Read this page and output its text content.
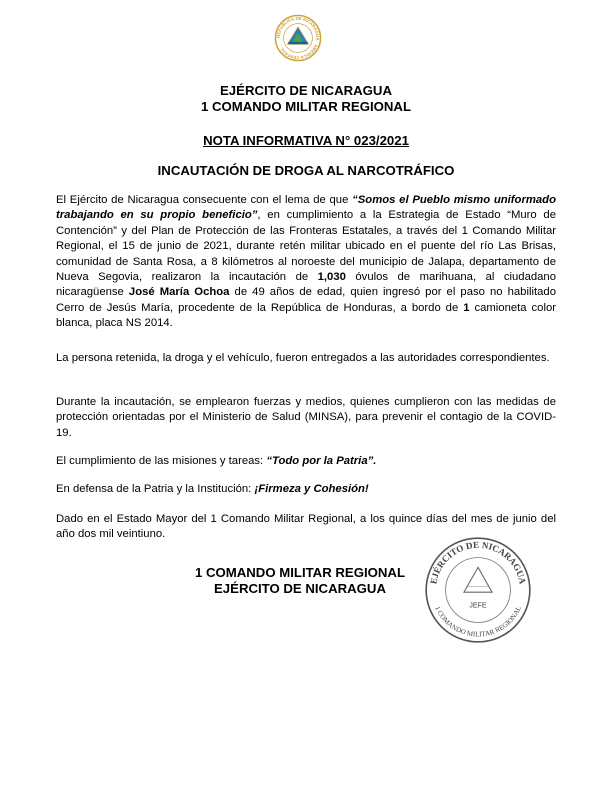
REPÚBLICA DE NICARAGUA · AMÉRICA CENTRAL
EJÉRCITO DE NICARAGUA
1 COMANDO MILITAR REGIONAL
NOTA INFORMATIVA N° 023/2021
INCAUTACIÓN DE DROGA AL NARCOTRÁFICO

El Ejército de Nicaragua consecuente con el lema de que “Somos el Pueblo mismo uniformado trabajando en su propio beneficio”, en cumplimiento a la Estrategia de Estado “Muro de Contención” y del Plan de Protección de las Fronteras Estatales, a través del 1 Comando Militar Regional, el 15 de junio de 2021, durante retén militar ubicado en el puente del río Las Brisas, comunidad de Santa Rosa, a 8 kilómetros al noroeste del municipio de Jalapa, departamento de Nueva Segovia, realizaron la incautación de 1,030 óvulos de marihuana, al ciudadano nicaragüense José María Ochoa de 49 años de edad, quien ingresó por el paso no habilitado Cerro de Jesús María, procedente de la República de Honduras, a bordo de 1 camioneta color blanca, placa NS 2014.

La persona retenida, la droga y el vehículo, fueron entregados a las autoridades correspondientes.

Durante la incautación, se emplearon fuerzas y medios, quienes cumplieron con las medidas de protección orientadas por el Ministerio de Salud (MINSA), para prevenir el contagio de la COVID-19.

El cumplimiento de las misiones y tareas: “Todo por la Patria”.

En defensa de la Patria y la Institución: ¡Firmeza y Cohesión!

Dado en el Estado Mayor del 1 Comando Militar Regional, a los quince días del mes de junio del año dos mil veintiuno.

1 COMANDO MILITAR REGIONAL
EJÉRCITO DE NICARAGUA	EJÉRCITO DE NICARAGUA
1 COMANDO MILITAR REGIONAL
JEFE
